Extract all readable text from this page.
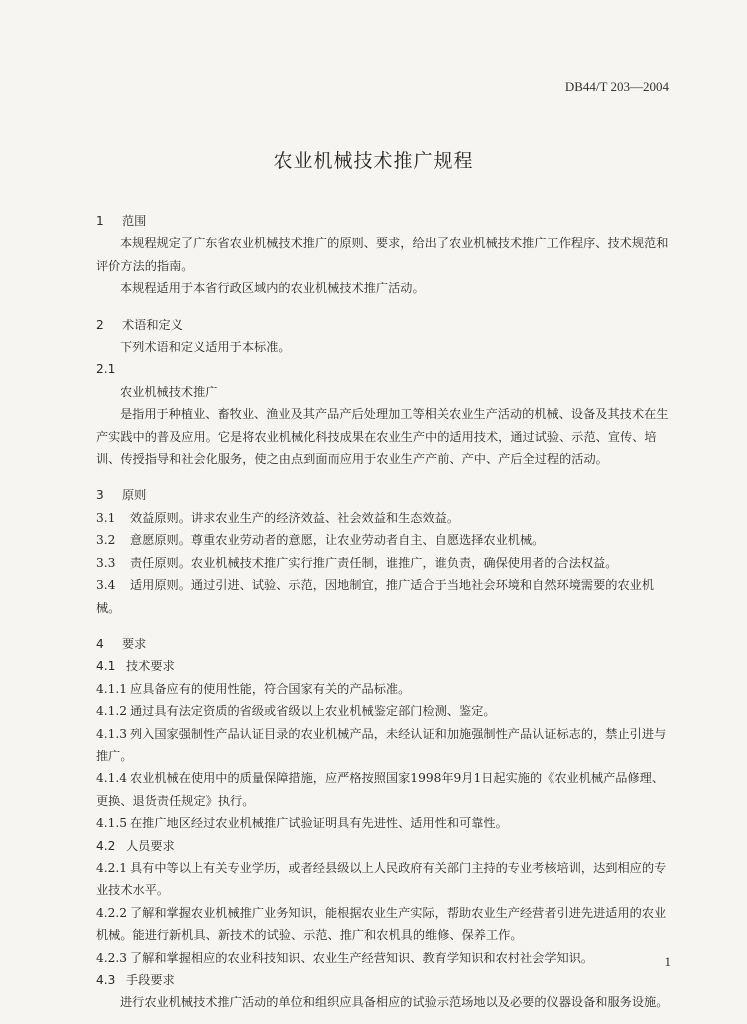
DB44/T 203—2004
农业机械技术推广规程
1 范围
本规程规定了广东省农业机械技术推广的原则、要求，给出了农业机械技术推广工作程序、技术规范和评价方法的指南。
本规程适用于本省行政区域内的农业机械技术推广活动。
2 术语和定义
下列术语和定义适用于本标准。
2.1
农业机械技术推广
是指用于种植业、畜牧业、渔业及其产品产后处理加工等相关农业生产活动的机械、设备及其技术在生产实践中的普及应用。它是将农业机械化科技成果在农业生产中的适用技术，通过试验、示范、宣传、培训、传授指导和社会化服务，使之由点到面而应用于农业生产产前、产中、产后全过程的活动。
3 原则
3.1 效益原则。讲求农业生产的经济效益、社会效益和生态效益。
3.2 意愿原则。尊重农业劳动者的意愿，让农业劳动者自主、自愿选择农业机械。
3.3 责任原则。农业机械技术推广实行推广责任制，谁推广，谁负责，确保使用者的合法权益。
3.4 适用原则。通过引进、试验、示范，因地制宜，推广适合于当地社会环境和自然环境需要的农业机械。
4 要求
4.1 技术要求
4.1.1 应具备应有的使用性能，符合国家有关的产品标准。
4.1.2 通过具有法定资质的省级或省级以上农业机械鉴定部门检测、鉴定。
4.1.3 列入国家强制性产品认证目录的农业机械产品，未经认证和加施强制性产品认证标志的，禁止引进与推广。
4.1.4 农业机械在使用中的质量保障措施，应严格按照国家1998年9月1日起实施的《农业机械产品修理、更换、退货责任规定》执行。
4.1.5 在推广地区经过农业机械推广试验证明具有先进性、适用性和可靠性。
4.2 人员要求
4.2.1 具有中等以上有关专业学历，或者经县级以上人民政府有关部门主持的专业考核培训，达到相应的专业技术水平。
4.2.2 了解和掌握农业机械推广业务知识，能根据农业生产实际，帮助农业生产经营者引进先进适用的农业机械。能进行新机具、新技术的试验、示范、推广和农机具的维修、保养工作。
4.2.3 了解和掌握相应的农业科技知识、农业生产经营知识、教育学知识和农村社会学知识。
4.3 手段要求
进行农业机械技术推广活动的单位和组织应具备相应的试验示范场地以及必要的仪器设备和服务设施。
1
